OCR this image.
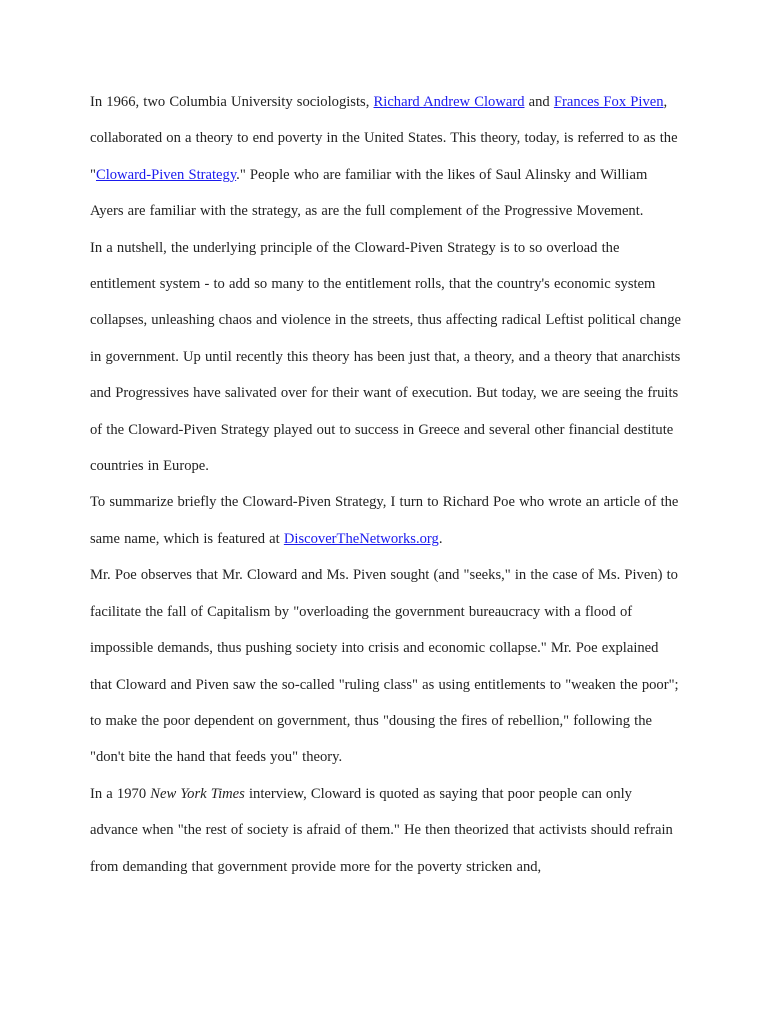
In 1966, two Columbia University sociologists, Richard Andrew Cloward and Frances Fox Piven, collaborated on a theory to end poverty in the United States. This theory, today, is referred to as the "Cloward-Piven Strategy." People who are familiar with the likes of Saul Alinsky and William Ayers are familiar with the strategy, as are the full complement of the Progressive Movement.

In a nutshell, the underlying principle of the Cloward-Piven Strategy is to so overload the entitlement system - to add so many to the entitlement rolls, that the country's economic system collapses, unleashing chaos and violence in the streets, thus affecting radical Leftist political change in government. Up until recently this theory has been just that, a theory, and a theory that anarchists and Progressives have salivated over for their want of execution. But today, we are seeing the fruits of the Cloward-Piven Strategy played out to success in Greece and several other financial destitute countries in Europe.

To summarize briefly the Cloward-Piven Strategy, I turn to Richard Poe who wrote an article of the same name, which is featured at DiscoverTheNetworks.org.

Mr. Poe observes that Mr. Cloward and Ms. Piven sought (and "seeks," in the case of Ms. Piven) to facilitate the fall of Capitalism by "overloading the government bureaucracy with a flood of impossible demands, thus pushing society into crisis and economic collapse." Mr. Poe explained that Cloward and Piven saw the so-called "ruling class" as using entitlements to "weaken the poor"; to make the poor dependent on government, thus "dousing the fires of rebellion," following the "don't bite the hand that feeds you" theory.

In a 1970 New York Times interview, Cloward is quoted as saying that poor people can only advance when "the rest of society is afraid of them." He then theorized that activists should refrain from demanding that government provide more for the poverty stricken and,
